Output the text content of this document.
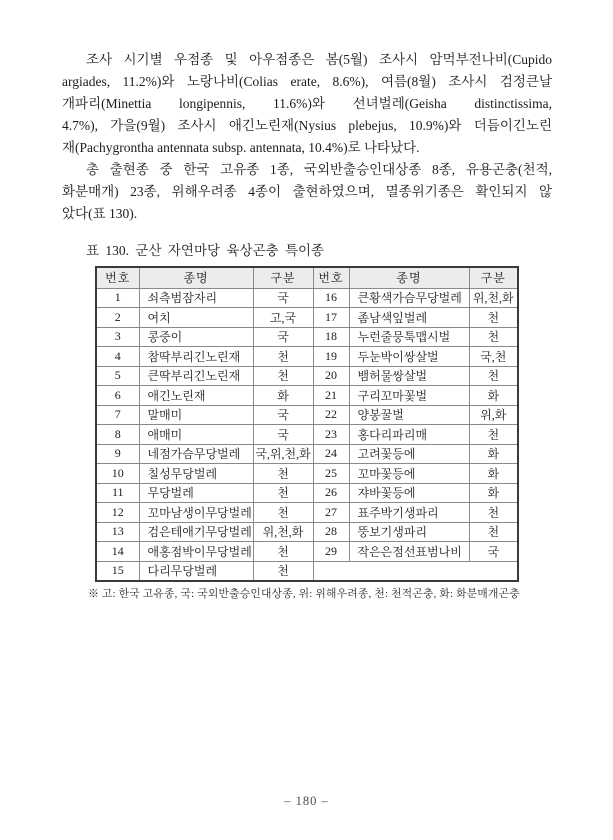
조사 시기별 우점종 및 아우점종은 봄(5월) 조사시 암먹부전나비(Cupido
argiades, 11.2%)와 노랑나비(Colias erate, 8.6%), 여름(8월) 조사시 검정큰날
개파리(Minettia longipennis, 11.6%)와 선녀벌레(Geisha distinctissima,
4.7%), 가을(9월) 조사시 애긴노린재(Nysius plebejus, 10.9%)와 더듬이긴노린
재(Pachygrontha antennata subsp. antennata, 10.4%)로 나타났다.
총 출현종 중 한국 고유종 1종, 국외반출승인대상종 8종, 유용곤충(천적,
화분매개) 23종, 위해우려종 4종이 출현하였으며, 멸종위기종은 확인되지 않
았다(표 130).
표 130. 군산 자연마당 육상곤충 특이종
번호	종명	구분	번호	종명	구분
1	쇠측범잠자리	국	16	큰황색가슴무당벌레	위,천,화
2	여치	고,국	17	좀남색잎벌레	천
3	콩중이	국	18	누런줄뭉툭맵시벌	천
4	참딱부리긴노린재	천	19	두눈박이쌍살벌	국,천
5	큰딱부리긴노린재	천	20	뱀허물쌍살벌	천
6	애긴노린재	화	21	구리꼬마꽃벌	화
7	말매미	국	22	양봉꿀벌	위,화
8	애매미	국	23	홍다리파리매	천
9	네점가슴무당벌레	국,위,천,화	24	고려꽃등에	화
10	칠성무당벌레	천	25	꼬마꽃등에	화
11	무당벌레	천	26	쟈바꽃등에	화
12	꼬마남생이무당벌레	천	27	표주박기생파리	천
13	검은테애기무당벌레	위,천,화	28	뚱보기생파리	천
14	애홍점박이무당벌레	천	29	작은은점선표범나비	국
15	다리무당벌레	천			
※ 고: 한국 고유종, 국: 국외반출승인대상종, 위: 위해우려종, 천: 천적곤충, 화: 화분매개곤충
– 180 –
